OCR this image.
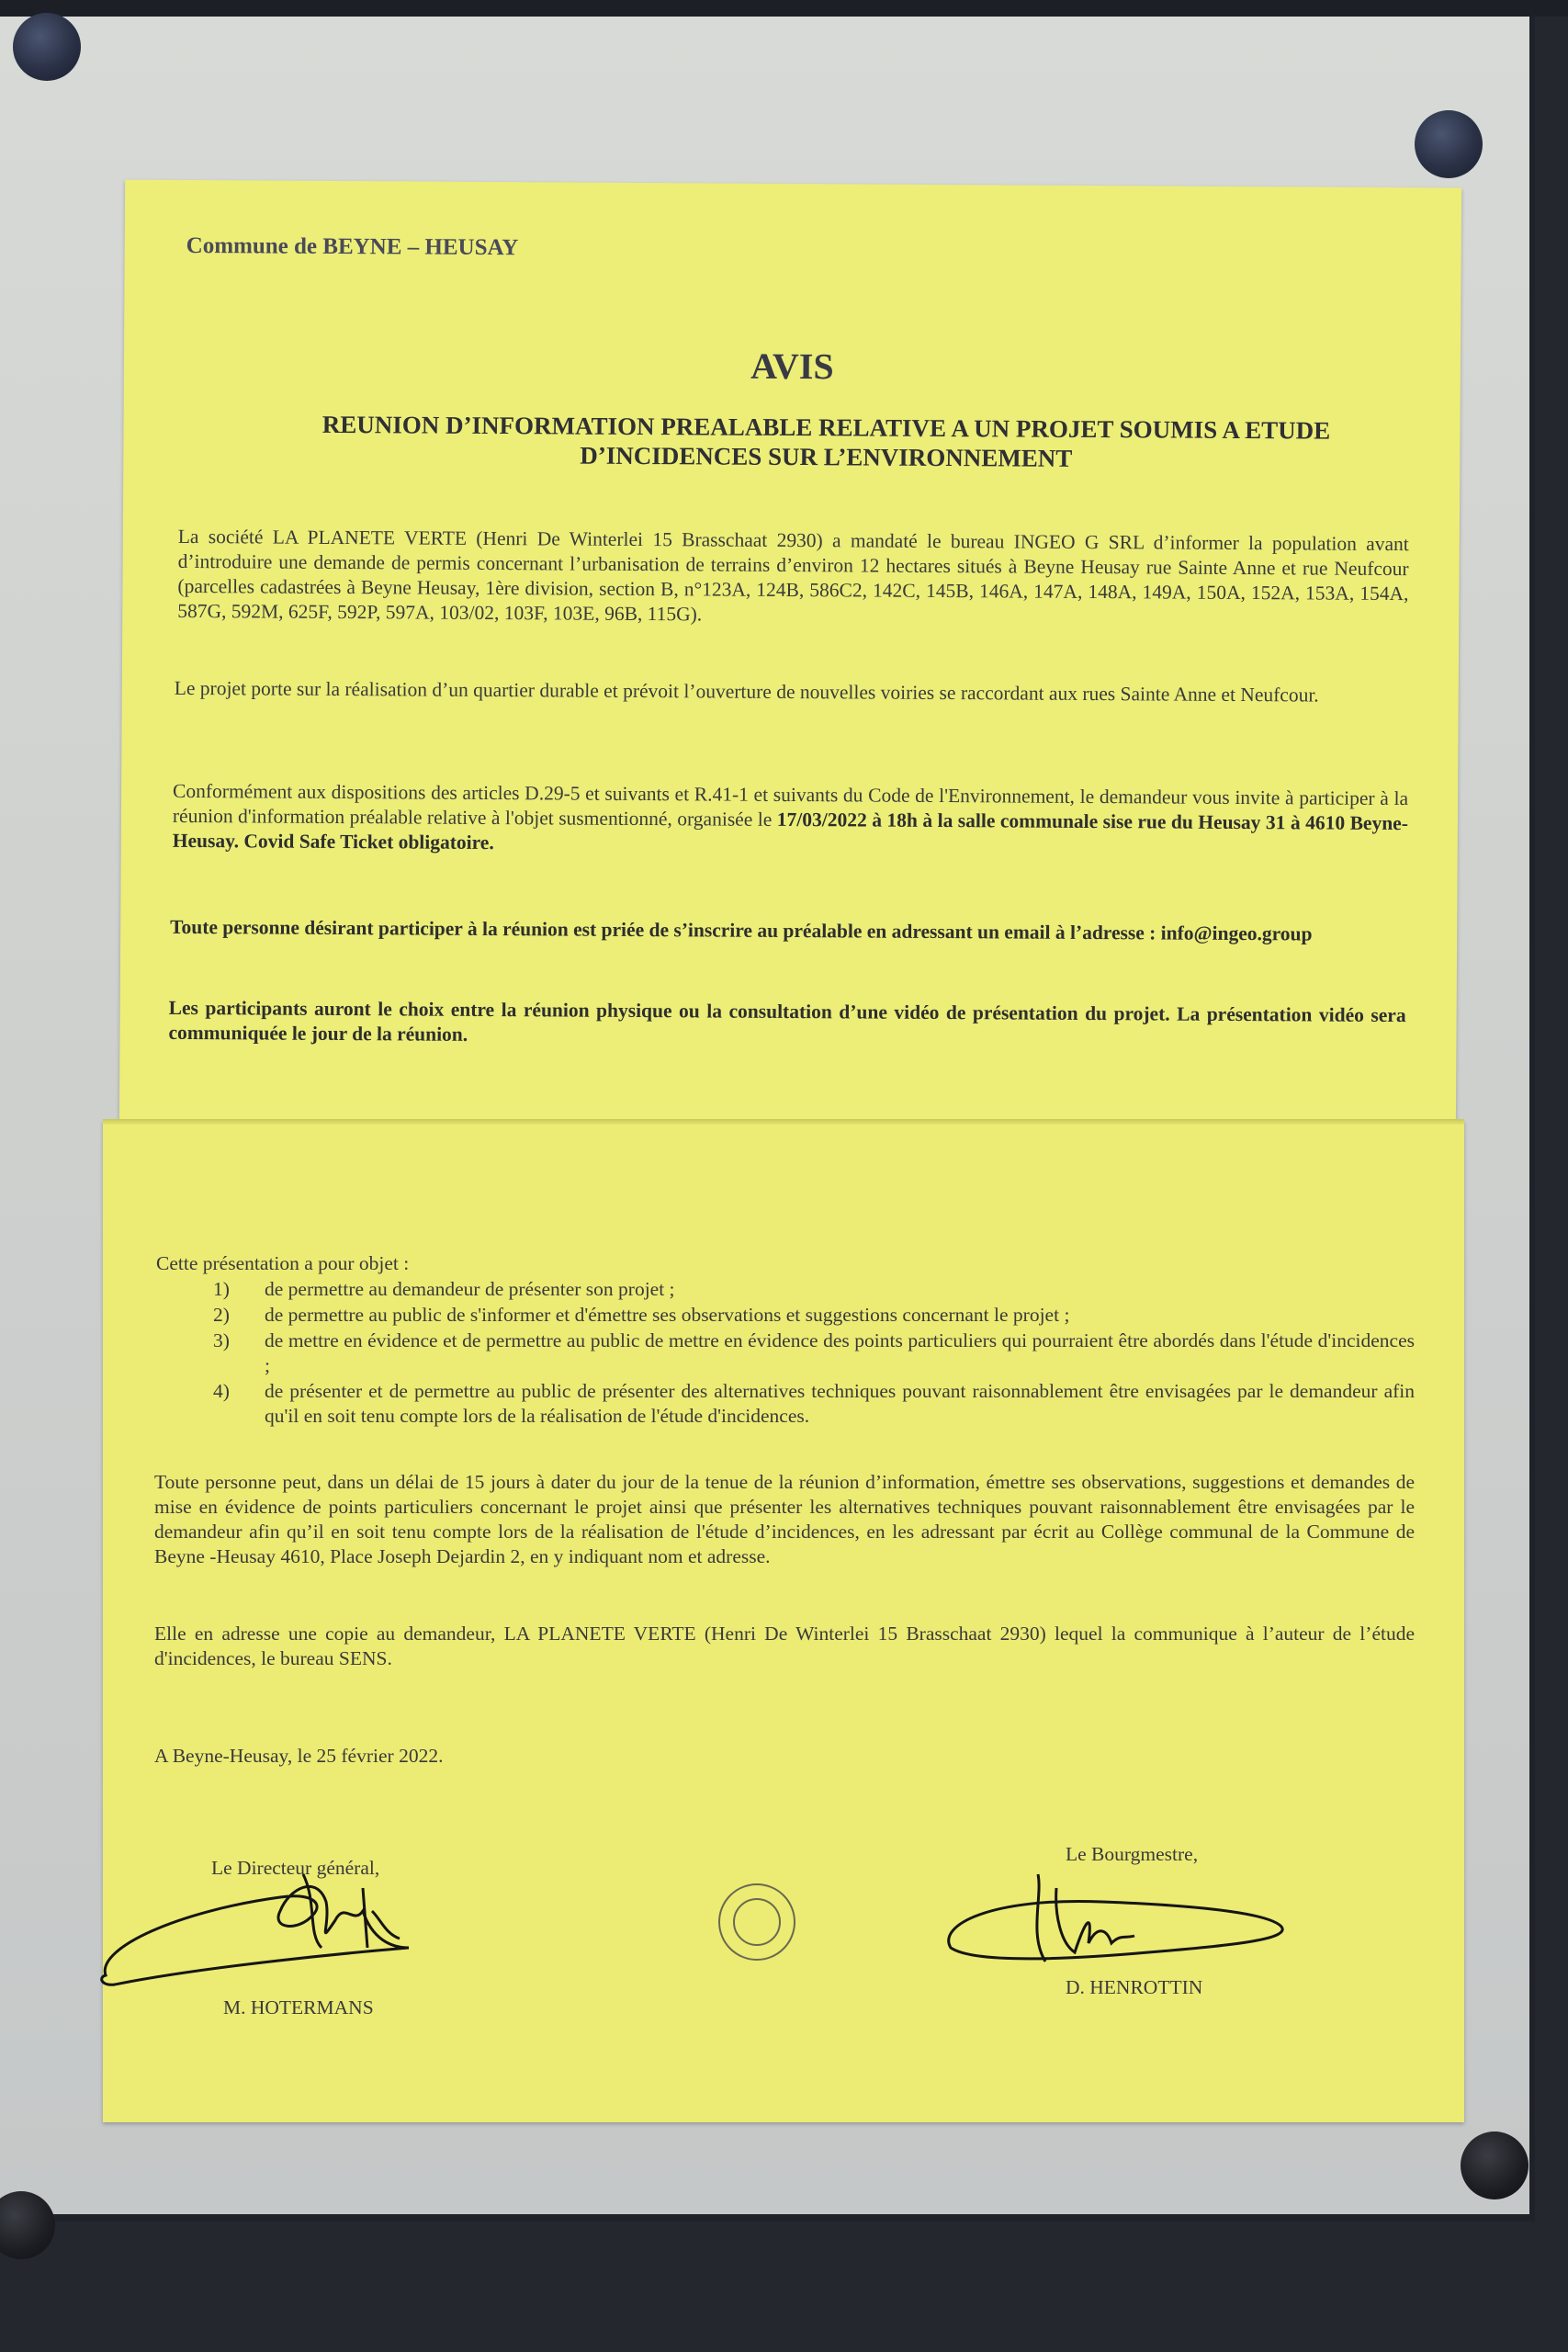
Commune de BEYNE – HEUSAY
AVIS
REUNION D’INFORMATION PREALABLE RELATIVE A UN PROJET SOUMIS A ETUDE
D’INCIDENCES SUR L’ENVIRONNEMENT
La société LA PLANETE VERTE (Henri De Winterlei 15 Brasschaat 2930) a mandaté le bureau INGEO G SRL d’informer la population avant d’introduire une demande de permis concernant l’urbanisation de terrains d’environ 12 hectares situés à Beyne Heusay rue Sainte Anne et rue Neufcour (parcelles cadastrées à Beyne Heusay, 1ère division, section B, n°123A, 124B, 586C2, 142C, 145B, 146A, 147A, 148A, 149A, 150A, 152A, 153A, 154A, 587G, 592M, 625F, 592P, 597A, 103/02, 103F, 103E, 96B, 115G).
Le projet porte sur la réalisation d’un quartier durable et prévoit l’ouverture de nouvelles voiries se raccordant aux rues Sainte Anne et Neufcour.
Conformément aux dispositions des articles D.29-5 et suivants et R.41-1 et suivants du Code de l'Environnement, le demandeur vous invite à participer à la réunion d'information préalable relative à l'objet susmentionné, organisée le 17/03/2022 à 18h à la salle communale sise rue du Heusay 31 à 4610 Beyne-Heusay. Covid Safe Ticket obligatoire.
Toute personne désirant participer à la réunion est priée de s’inscrire au préalable en adressant un email à l’adresse : info@ingeo.group
Les participants auront le choix entre la réunion physique ou la consultation d’une vidéo de présentation du projet. La présentation vidéo sera communiquée le jour de la réunion.
Cette présentation a pour objet :
1)	de permettre au demandeur de présenter son projet ;
2)	de permettre au public de s'informer et d'émettre ses observations et suggestions concernant le projet ;
3)	de mettre en évidence et de permettre au public de mettre en évidence des points particuliers qui pourraient être abordés dans l'étude d'incidences ;
4)	de présenter et de permettre au public de présenter des alternatives techniques pouvant raisonnablement être envisagées par le demandeur afin qu'il en soit tenu compte lors de la réalisation de l'étude d'incidences.
Toute personne peut, dans un délai de 15 jours à dater du jour de la tenue de la réunion d’information, émettre ses observations, suggestions et demandes de mise en évidence de points particuliers concernant le projet ainsi que présenter les alternatives techniques pouvant raisonnablement être envisagées par le demandeur afin qu’il en soit tenu compte lors de la réalisation de l'étude d’incidences, en les adressant par écrit au Collège communal de la Commune de Beyne -Heusay 4610, Place Joseph Dejardin 2, en y indiquant nom et adresse.
Elle en adresse une copie au demandeur, LA PLANETE VERTE (Henri De Winterlei 15 Brasschaat 2930) lequel la communique à l’auteur de l’étude d'incidences, le bureau SENS.
A Beyne-Heusay, le 25 février 2022.
Le Directeur général,
M. HOTERMANS
Le Bourgmestre,
D. HENROTTIN
